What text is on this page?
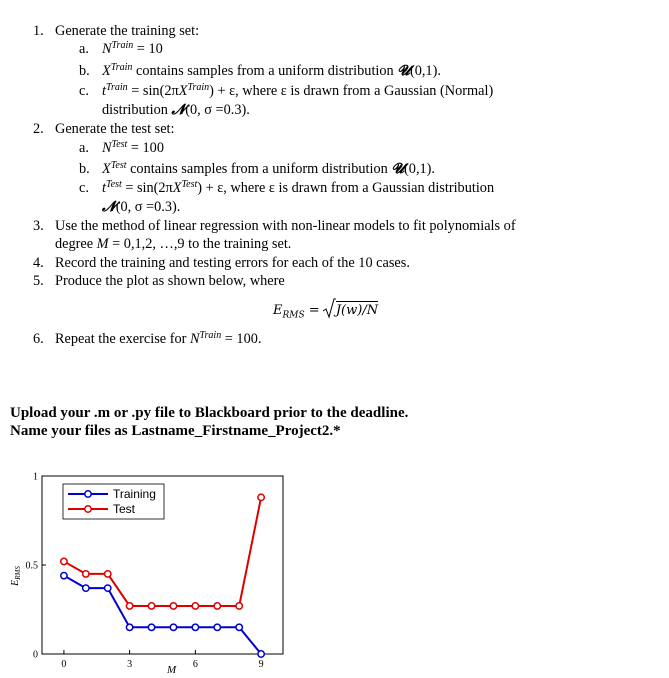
1. Generate the training set:
a. $N^{Train} = 10$
b. $X^{Train}$ contains samples from a uniform distribution 𝓤(0,1).
c. $t^{Train} = \sin(2\pi X^{Train}) + \varepsilon$, where ε is drawn from a Gaussian (Normal)
distribution 𝓝(0, σ =0.3).
2. Generate the test set:
a. $N^{Test} = 100$
b. $X^{Test}$ contains samples from a uniform distribution 𝓤(0,1).
c. $t^{Test} = \sin(2\pi X^{Test}) + \varepsilon$, where ε is drawn from a Gaussian distribution
𝓝(0, σ =0.3).
3. Use the method of linear regression with non-linear models to fit polynomials of
degree M = 0,1,2, …,9 to the training set.
4. Record the training and testing errors for each of the 10 cases.
5. Produce the plot as shown below, where
$E_{RMS}$ =
J(w)/N
6. Repeat the exercise for $N^{Train} = 100$.
Upload your .m or .py file to Blackboard prior to the deadline.
Name your files as Lastname_Firstname_Project2.*
0	3	6	9
0
0.5
1
Training
Test
M
$E_{RMS}$
